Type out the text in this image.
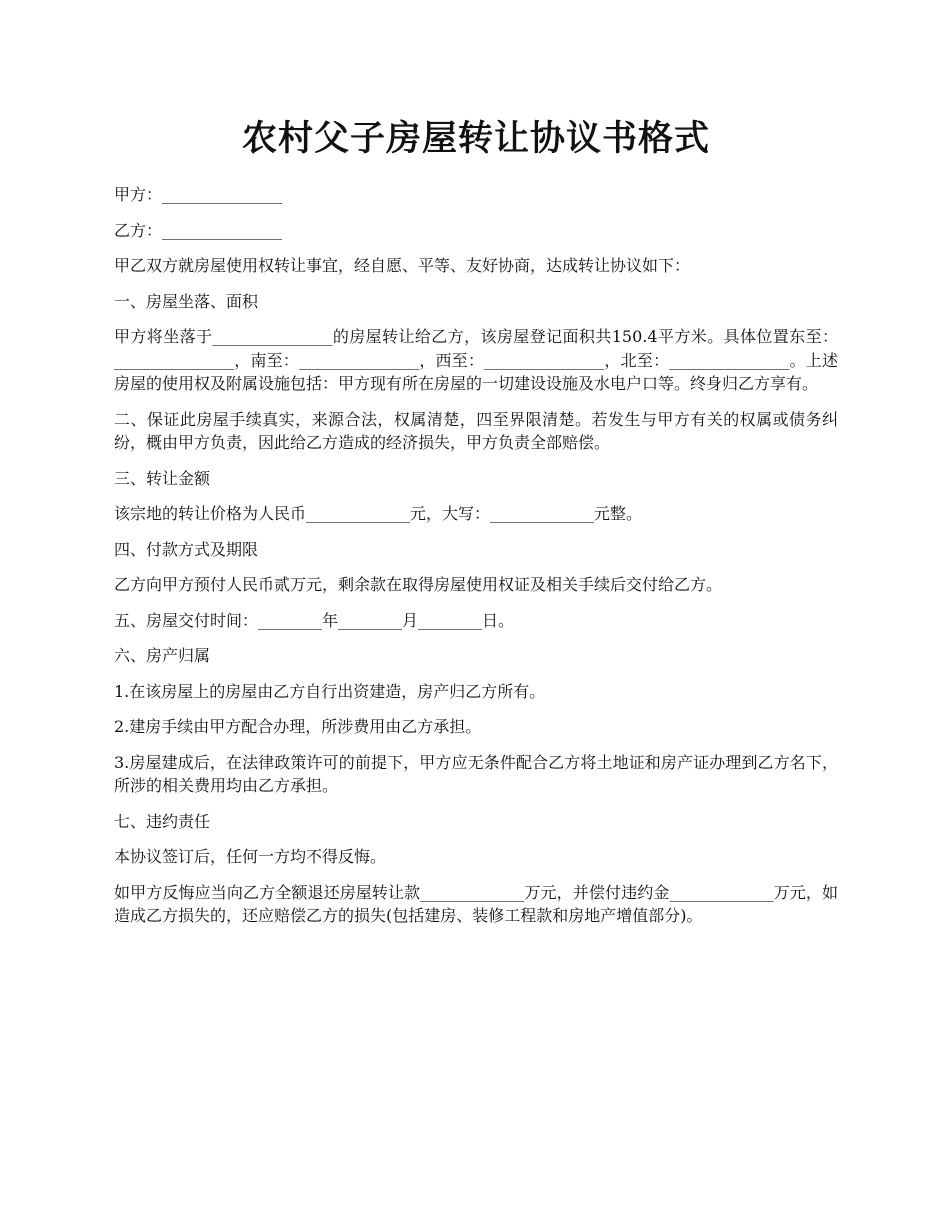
农村父子房屋转让协议书格式

甲方：_______________

乙方：_______________

甲乙双方就房屋使用权转让事宜，经自愿、平等、友好协商，达成转让协议如下：

一、房屋坐落、面积

甲方将坐落于_______________的房屋转让给乙方，该房屋登记面积共150.4平方米。具体位置东至：_______________，南至：_______________，西至：_______________，北至：_______________。上述房屋的使用权及附属设施包括：甲方现有所在房屋的一切建设设施及水电户口等。终身归乙方享有。

二、保证此房屋手续真实，来源合法，权属清楚，四至界限清楚。若发生与甲方有关的权属或债务纠纷，概由甲方负责，因此给乙方造成的经济损失，甲方负责全部赔偿。

三、转让金额

该宗地的转让价格为人民币_____________元，大写：_____________元整。

四、付款方式及期限

乙方向甲方预付人民币贰万元，剩余款在取得房屋使用权证及相关手续后交付给乙方。

五、房屋交付时间：________年________月________日。

六、房产归属

1.在该房屋上的房屋由乙方自行出资建造，房产归乙方所有。

2.建房手续由甲方配合办理，所涉费用由乙方承担。

3.房屋建成后，在法律政策许可的前提下，甲方应无条件配合乙方将土地证和房产证办理到乙方名下，所涉的相关费用均由乙方承担。

七、违约责任

本协议签订后，任何一方均不得反悔。

如甲方反悔应当向乙方全额退还房屋转让款_____________万元，并偿付违约金_____________万元，如造成乙方损失的，还应赔偿乙方的损失(包括建房、装修工程款和房地产增值部分)。
